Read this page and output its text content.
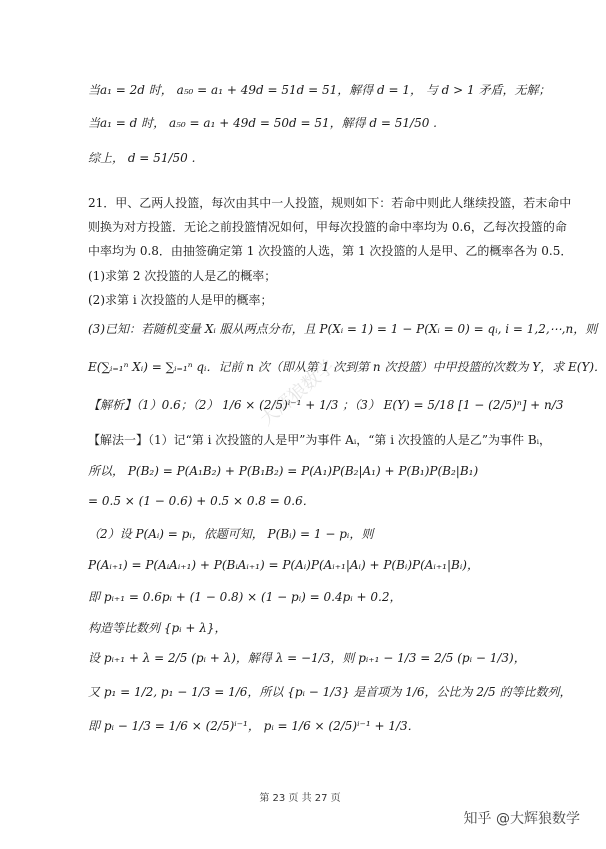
当a₁ = 2d 时， a₅₀ = a₁ + 49d = 51d = 51，解得 d = 1， 与 d > 1 矛盾，无解；
当a₁ = d 时， a₅₀ = a₁ + 49d = 50d = 51，解得 d = 51/50 .
综上， d = 51/50 .
21．甲、乙两人投篮，每次由其中一人投篮，规则如下：若命中则此人继续投篮，若末命中
则换为对方投篮．无论之前投篮情况如何，甲每次投篮的命中率均为 0.6，乙每次投篮的命
中率均为 0.8．由抽签确定第 1 次投篮的人选，第 1 次投篮的人是甲、乙的概率各为 0.5．
(1)求第 2 次投篮的人是乙的概率；
(2)求第 i 次投篮的人是甲的概率；
(3)已知：若随机变量 Xᵢ 服从两点分布，且 P(Xᵢ = 1) = 1 − P(Xᵢ = 0) = qᵢ, i = 1,2,⋯,n，则
E(∑ᵢ₌₁ⁿ Xᵢ) = ∑ᵢ₌₁ⁿ qᵢ．记前 n 次（即从第 1 次到第 n 次投篮）中甲投篮的次数为 Y，求 E(Y)．
【解析】（1）0.6；（2） 1/6 × (2/5)ⁱ⁻¹ + 1/3 ；（3） E(Y) = 5/18 [1 − (2/5)ⁿ] + n/3
【解法一】（1）记“第 i 次投篮的人是甲”为事件 Aᵢ，“第 i 次投篮的人是乙”为事件 Bᵢ，
所以， P(B₂) = P(A₁B₂) + P(B₁B₂) = P(A₁)P(B₂|A₁) + P(B₁)P(B₂|B₁)
= 0.5 × (1 − 0.6) + 0.5 × 0.8 = 0.6．
（2）设 P(Aᵢ) = pᵢ，依题可知， P(Bᵢ) = 1 − pᵢ，则
P(Aᵢ₊₁) = P(AᵢAᵢ₊₁) + P(BᵢAᵢ₊₁) = P(Aᵢ)P(Aᵢ₊₁|Aᵢ) + P(Bᵢ)P(Aᵢ₊₁|Bᵢ)，
即 pᵢ₊₁ = 0.6pᵢ + (1 − 0.8) × (1 − pᵢ) = 0.4pᵢ + 0.2，
构造等比数列 {pᵢ + λ}，
设 pᵢ₊₁ + λ = 2/5 (pᵢ + λ)，解得 λ = −1/3，则 pᵢ₊₁ − 1/3 = 2/5 (pᵢ − 1/3)，
又 p₁ = 1/2, p₁ − 1/3 = 1/6，所以 {pᵢ − 1/3} 是首项为 1/6，公比为 2/5 的等比数列，
即 pᵢ − 1/3 = 1/6 × (2/5)ⁱ⁻¹， pᵢ = 1/6 × (2/5)ⁱ⁻¹ + 1/3．
大辉狼数学
第 23 页 共 27 页
知乎 @大辉狼数学
